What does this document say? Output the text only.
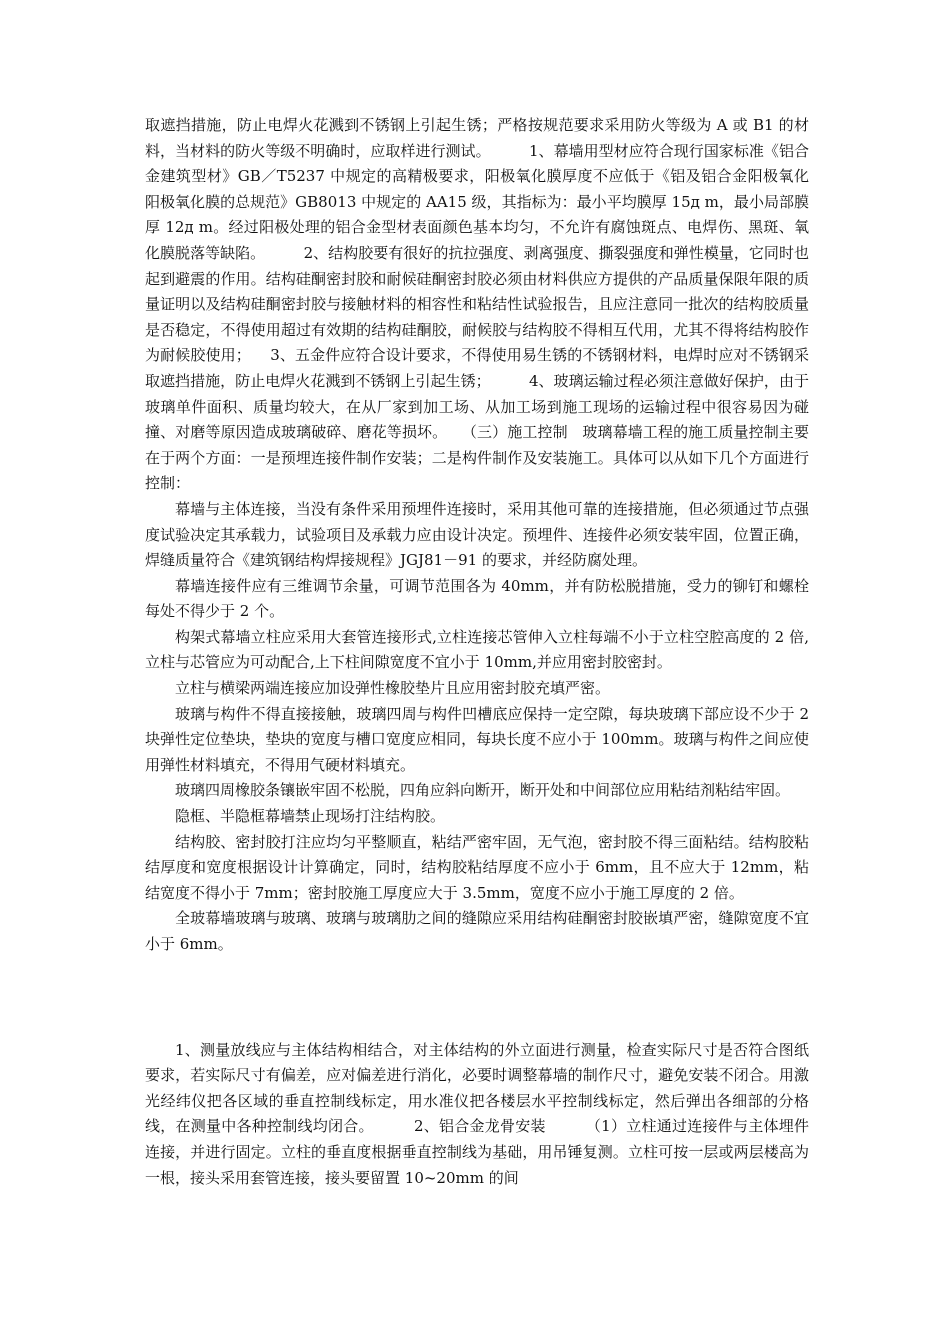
取遮挡措施，防止电焊火花溅到不锈钢上引起生锈；严格按规范要求采用防火等级为 A 或 B1 的材料，当材料的防火等级不明确时，应取样进行测试。        1、幕墙用型材应符合现行国家标准《铝合金建筑型材》GB／T5237 中规定的高精极要求，阳极氧化膜厚度不应低于《铝及铝合金阳极氧化 阳极氧化膜的总规范》GB8013 中规定的 AA15 级，其指标为：最小平均膜厚 15д m，最小局部膜厚 12д m。经过阳极处理的铝合金型材表面颜色基本均匀，不允许有腐蚀斑点、电焊伤、黑斑、氧化膜脱落等缺陷。        2、结构胶要有很好的抗拉强度、剥离强度、撕裂强度和弹性模量，它同时也起到避震的作用。结构硅酮密封胶和耐候硅酮密封胶必须由材料供应方提供的产品质量保限年限的质量证明以及结构硅酮密封胶与接触材料的相容性和粘结性试验报告，且应注意同一批次的结构胶质量是否稳定，不得使用超过有效期的结构硅酮胶，耐候胶与结构胶不得相互代用，尤其不得将结构胶作为耐候胶使用；    3、五金件应符合设计要求，不得使用易生锈的不锈钢材料，电焊时应对不锈钢采取遮挡措施，防止电焊火花溅到不锈钢上引起生锈；        4、玻璃运输过程必须注意做好保护，由于玻璃单件面积、质量均较大，在从厂家到加工场、从加工场到施工现场的运输过程中很容易因为碰撞、对磨等原因造成玻璃破碎、磨花等损坏。   （三）施工控制   玻璃幕墙工程的施工质量控制主要在于两个方面：一是预埋连接件制作安装；二是构件制作及安装施工。具体可以从如下几个方面进行控制：

幕墙与主体连接，当没有条件采用预埋件连接时，采用其他可靠的连接措施，但必须通过节点强度试验决定其承载力，试验项目及承载力应由设计决定。预埋件、连接件必须安装牢固，位置正确，焊缝质量符合《建筑钢结构焊接规程》JGJ81－91 的要求，并经防腐处理。

幕墙连接件应有三维调节余量，可调节范围各为 40mm，并有防松脱措施，受力的铆钉和螺栓每处不得少于 2 个。

构架式幕墙立柱应采用大套管连接形式,立柱连接芯管伸入立柱每端不小于立柱空腔高度的 2 倍,立柱与芯管应为可动配合,上下柱间隙宽度不宜小于 10mm,并应用密封胶密封。

立柱与横梁两端连接应加设弹性橡胶垫片且应用密封胶充填严密。

玻璃与构件不得直接接触，玻璃四周与构件凹槽底应保持一定空隙，每块玻璃下部应设不少于 2 块弹性定位垫块，垫块的宽度与槽口宽度应相同，每块长度不应小于 100mm。玻璃与构件之间应使用弹性材料填充，不得用气硬材料填充。

玻璃四周橡胶条镶嵌牢固不松脱，四角应斜向断开，断开处和中间部位应用粘结剂粘结牢固。

隐框、半隐框幕墙禁止现场打注结构胶。

结构胶、密封胶打注应均匀平整顺直，粘结严密牢固，无气泡，密封胶不得三面粘结。结构胶粘结厚度和宽度根据设计计算确定，同时，结构胶粘结厚度不应小于 6mm，且不应大于 12mm，粘结宽度不得小于 7mm；密封胶施工厚度应大于 3.5mm，宽度不应小于施工厚度的 2 倍。

全玻幕墙玻璃与玻璃、玻璃与玻璃肋之间的缝隙应采用结构硅酮密封胶嵌填严密，缝隙宽度不宜小于 6mm。

1、测量放线应与主体结构相结合，对主体结构的外立面进行测量，检查实际尺寸是否符合图纸要求，若实际尺寸有偏差，应对偏差进行消化，必要时调整幕墙的制作尺寸，避免安装不闭合。用激光经纬仪把各区域的垂直控制线标定，用水准仪把各楼层水平控制线标定，然后弹出各细部的分格线，在测量中各种控制线均闭合。        2、铝合金龙骨安装        （1）立柱通过连接件与主体埋件连接，并进行固定。立柱的垂直度根据垂直控制线为基础，用吊锤复测。立柱可按一层或两层楼高为一根，接头采用套管连接，接头要留置 10~20mm 的间
